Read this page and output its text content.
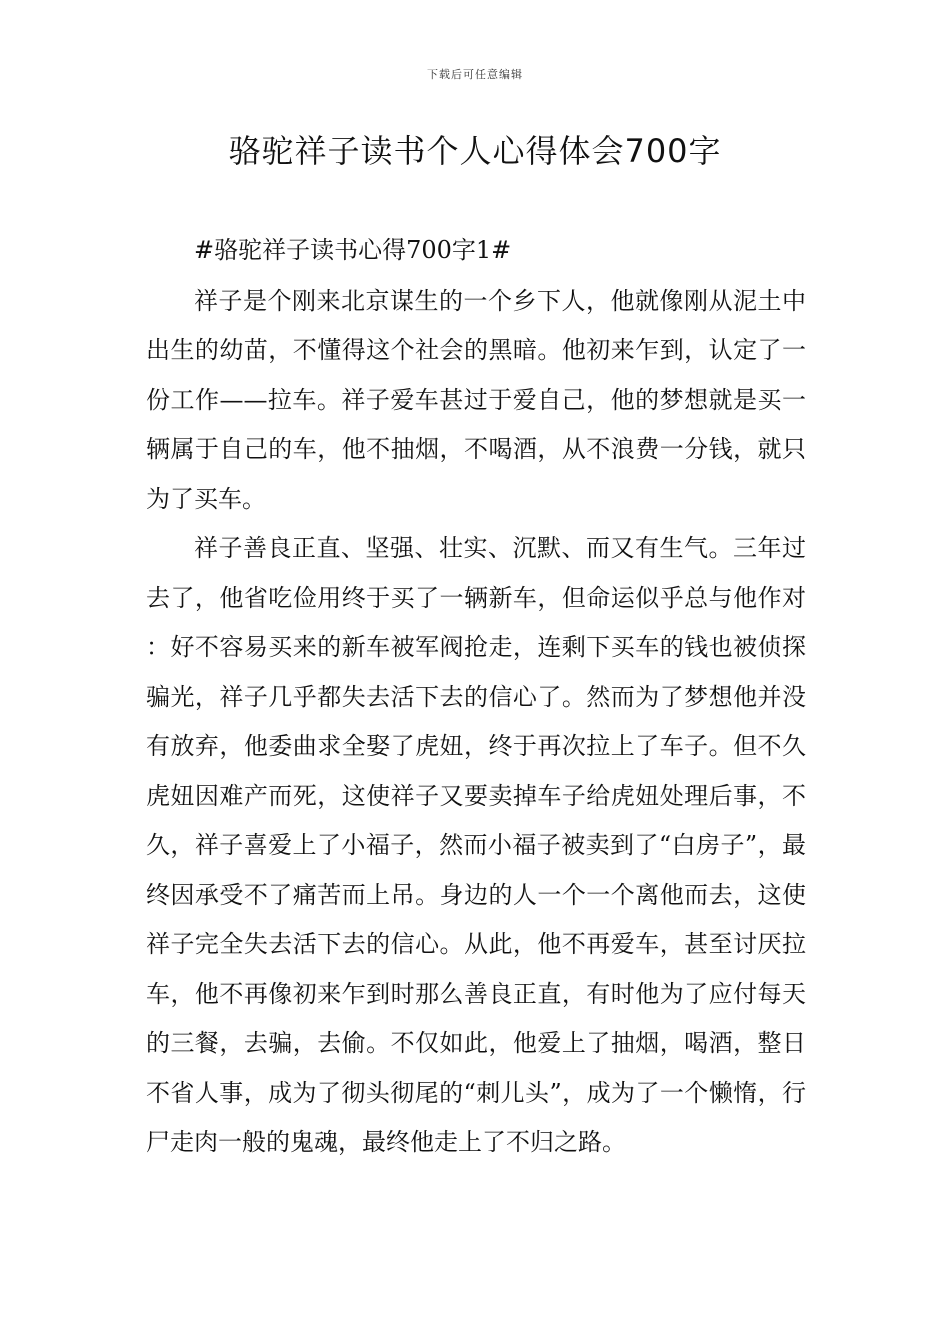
下载后可任意编辑
骆驼祥子读书个人心得体会700字

#骆驼祥子读书心得700字1#

祥子是个刚来北京谋生的一个乡下人，他就像刚从泥土中出生的幼苗，不懂得这个社会的黑暗。他初来乍到，认定了一份工作——拉车。祥子爱车甚过于爱自己，他的梦想就是买一辆属于自己的车，他不抽烟，不喝酒，从不浪费一分钱，就只为了买车。

祥子善良正直、坚强、壮实、沉默、而又有生气。三年过去了，他省吃俭用终于买了一辆新车，但命运似乎总与他作对：好不容易买来的新车被军阀抢走，连剩下买车的钱也被侦探骗光，祥子几乎都失去活下去的信心了。然而为了梦想他并没有放弃，他委曲求全娶了虎妞，终于再次拉上了车子。但不久虎妞因难产而死，这使祥子又要卖掉车子给虎妞处理后事，不久，祥子喜爱上了小福子，然而小福子被卖到了“白房子”，最终因承受不了痛苦而上吊。身边的人一个一个离他而去，这使祥子完全失去活下去的信心。从此，他不再爱车，甚至讨厌拉车，他不再像初来乍到时那么善良正直，有时他为了应付每天的三餐，去骗，去偷。不仅如此，他爱上了抽烟，喝酒，整日不省人事，成为了彻头彻尾的“刺儿头”，成为了一个懒惰，行尸走肉一般的鬼魂，最终他走上了不归之路。
